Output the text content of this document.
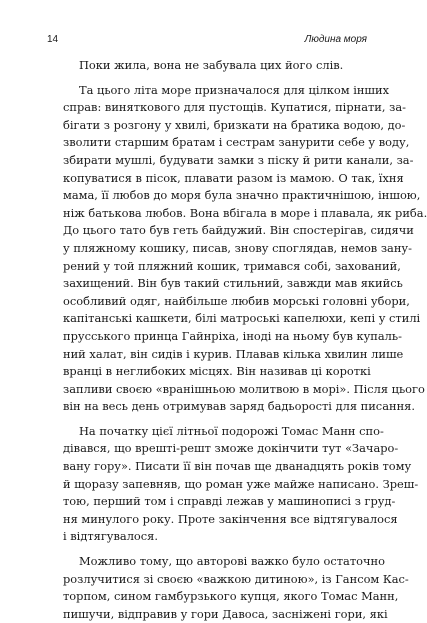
14	Людина моря
Поки жила, вона не забувала цих його слів.
Та цього літа море призначалося для цілком інших
справ: виняткового для пустощів. Купатися, пірнати, за-
бігати з розгону у хвилі, бризкати на братика водою, до-
зволити старшим братам і сестрам занурити себе у воду,
збирати мушлі, будувати замки з піску й рити канали, за-
копуватися в пісок, плавати разом із мамою. О так, їхня
мама, її любов до моря була значно практичнішою, іншою,
ніж батькова любов. Вона вбігала в море і плавала, як риба.
До цього тато був геть байдужий. Він спостерігав, сидячи
у пляжному кошику, писав, знову споглядав, немов зану-
рений у той пляжний кошик, тримався собі, захований,
захищений. Він був такий стильний, завжди мав якийсь
особливий одяг, найбільше любив морські головні убори,
капітанські кашкети, білі матроські капелюхи, кепі у стилі
прусського принца Гайнріха, іноді на ньому був купаль-
ний халат, він сидів і курив. Плавав кілька хвилин лише
вранці в неглибоких місцях. Він називав ці короткі
запливи своєю «вранішньою молитвою в морі». Після цього
він на весь день отримував заряд бадьорості для писання.
На початку цієї літньої подорожі Томас Манн спо-
дівався, що врешті-решт зможе докінчити тут «Зачаро-
вану гору». Писати її він почав ще дванадцять років тому
й щоразу запевняв, що роман уже майже написано. Зреш-
тою, перший том і справді лежав у машинописі з груд-
ня минулого року. Проте закінчення все відтягувалося
і відтягувалося.
Можливо тому, що авторові важко було остаточно
розлучитися зі своєю «важкою дитиною», із Гансом Кас-
торпом, сином гамбурзького купця, якого Томас Манн,
пишучи, відправив у гори Давоса, засніжені гори, які
